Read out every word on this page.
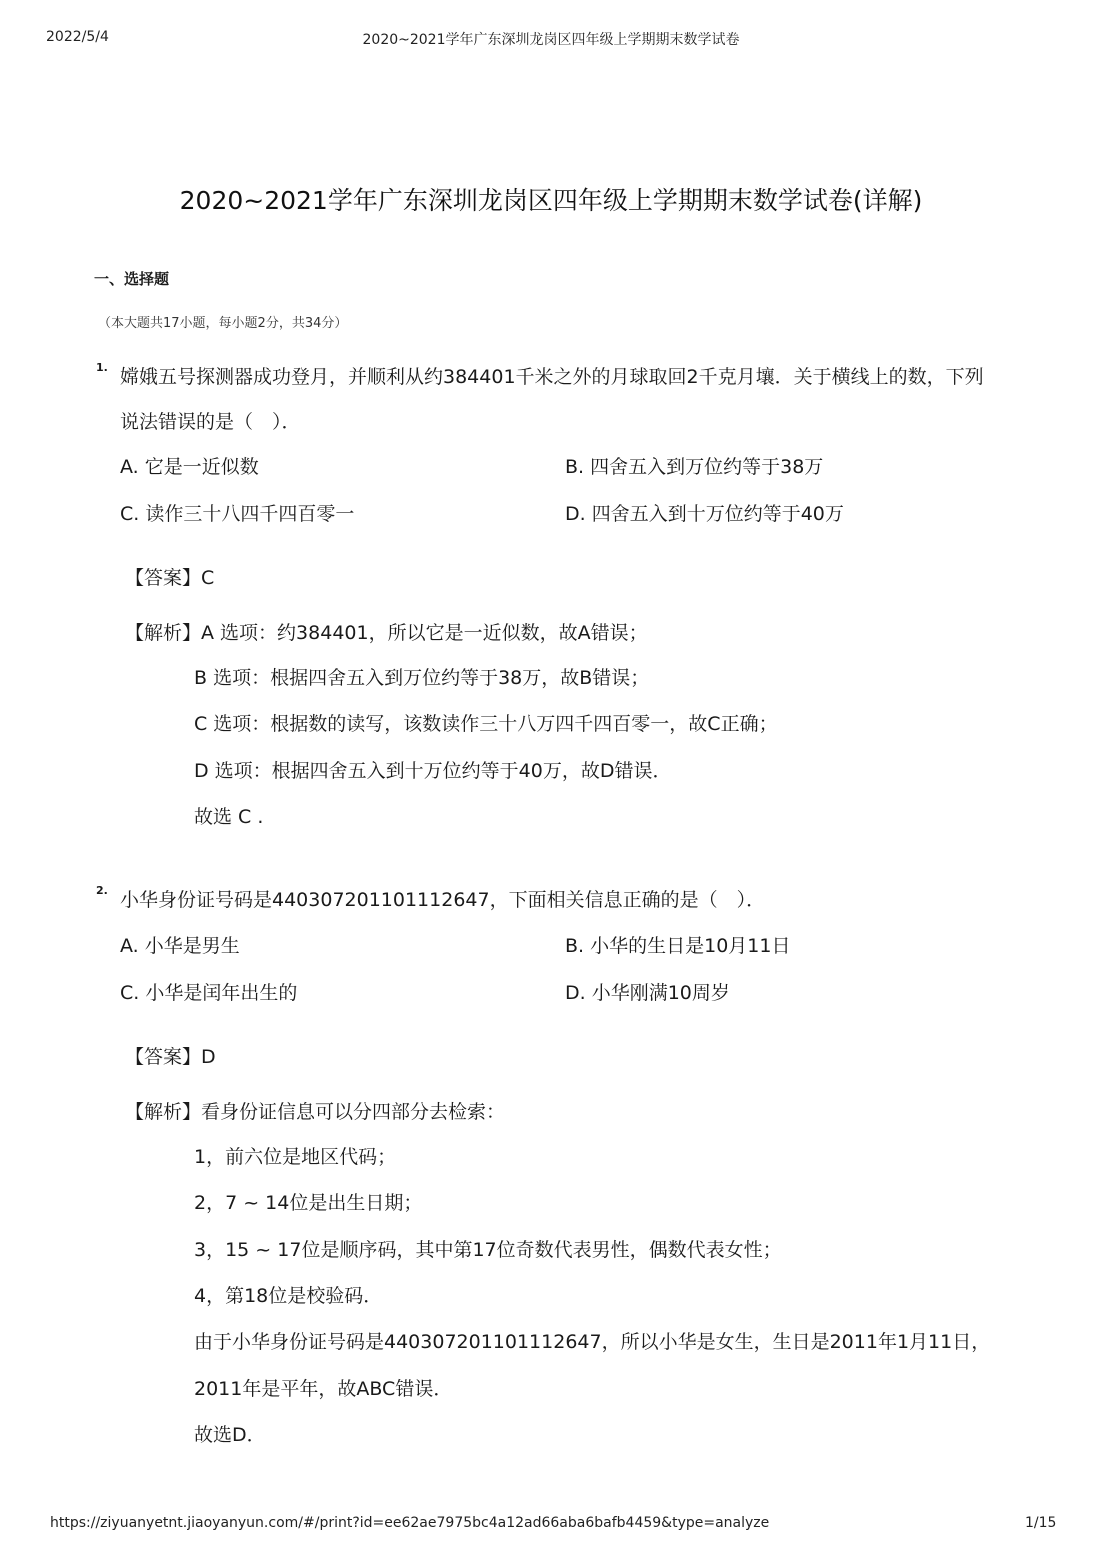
2022/5/4	2020~2021学年广东深圳龙岗区四年级上学期期末数学试卷
2020~2021学年广东深圳龙岗区四年级上学期期末数学试卷(详解)
一、选择题
（本大题共17小题，每小题2分，共34分）
1. 嫦娥五号探测器成功登月，并顺利从约384401千米之外的月球取回2千克月壤．关于横线上的数，下列
说法错误的是（　）．
A. 它是一近似数	B. 四舍五入到万位约等于38万
C. 读作三十八四千四百零一	D. 四舍五入到十万位约等于40万
【答案】C
【解析】A 选项：约384401，所以它是一近似数，故A错误；
B 选项：根据四舍五入到万位约等于38万，故B错误；
C 选项：根据数的读写，该数读作三十八万四千四百零一，故C正确；
D 选项：根据四舍五入到十万位约等于40万，故D错误．
故选 C .
2. 小华身份证号码是440307201101112647，下面相关信息正确的是（　）．
A. 小华是男生	B. 小华的生日是10月11日
C. 小华是闰年出生的	D. 小华刚满10周岁
【答案】D
【解析】看身份证信息可以分四部分去检索：
1，前六位是地区代码；
2，7 ~ 14位是出生日期；
3，15 ~ 17位是顺序码，其中第17位奇数代表男性，偶数代表女性；
4，第18位是校验码．
由于小华身份证号码是440307201101112647，所以小华是女生，生日是2011年1月11日，
2011年是平年，故ABC错误．
故选D．
https://ziyuanyetnt.jiaoyanyun.com/#/print?id=ee62ae7975bc4a12ad66aba6bafb4459&type=analyze	1/15
